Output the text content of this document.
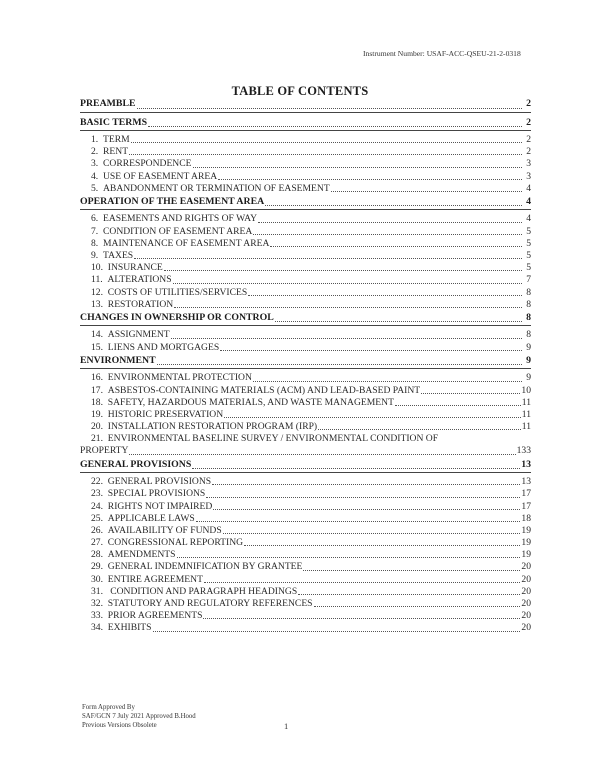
Instrument Number: USAF-ACC-QSEU-21-2-0318
TABLE OF CONTENTS
PREAMBLE	2
BASIC TERMS	2
1. TERM	2
2. RENT	2
3. CORRESPONDENCE	3
4. USE OF EASEMENT AREA	3
5. ABANDONMENT OR TERMINATION OF EASEMENT	4
OPERATION OF THE EASEMENT AREA	4
6. EASEMENTS AND RIGHTS OF WAY	4
7. CONDITION OF EASEMENT AREA	5
8. MAINTENANCE OF EASEMENT AREA	5
9. TAXES	5
10. INSURANCE	5
11. ALTERATIONS	7
12. COSTS OF UTILITIES/SERVICES	8
13. RESTORATION	8
CHANGES IN OWNERSHIP OR CONTROL	8
14. ASSIGNMENT	8
15. LIENS AND MORTGAGES	9
ENVIRONMENT	9
16. ENVIRONMENTAL PROTECTION	9
17. ASBESTOS-CONTAINING MATERIALS (ACM) AND LEAD-BASED PAINT	10
18. SAFETY, HAZARDOUS MATERIALS, AND WASTE MANAGEMENT	11
19. HISTORIC PRESERVATION	11
20. INSTALLATION RESTORATION PROGRAM (IRP)	11
21. ENVIRONMENTAL BASELINE SURVEY / ENVIRONMENTAL CONDITION OF
PROPERTY	133
GENERAL PROVISIONS	13
22. GENERAL PROVISIONS	13
23. SPECIAL PROVISIONS	17
24. RIGHTS NOT IMPAIRED	17
25. APPLICABLE LAWS	18
26. AVAILABILITY OF FUNDS	19
27. CONGRESSIONAL REPORTING	19
28. AMENDMENTS	19
29. GENERAL INDEMNIFICATION BY GRANTEE	20
30. ENTIRE AGREEMENT	20
31.   CONDITION AND PARAGRAPH HEADINGS	20
32. STATUTORY AND REGULATORY REFERENCES	20
33. PRIOR AGREEMENTS	20
34. EXHIBITS	20
Form Approved By
SAF/GCN 7 July 2021 Approved B.Hood
Previous Versions Obsolete	1
